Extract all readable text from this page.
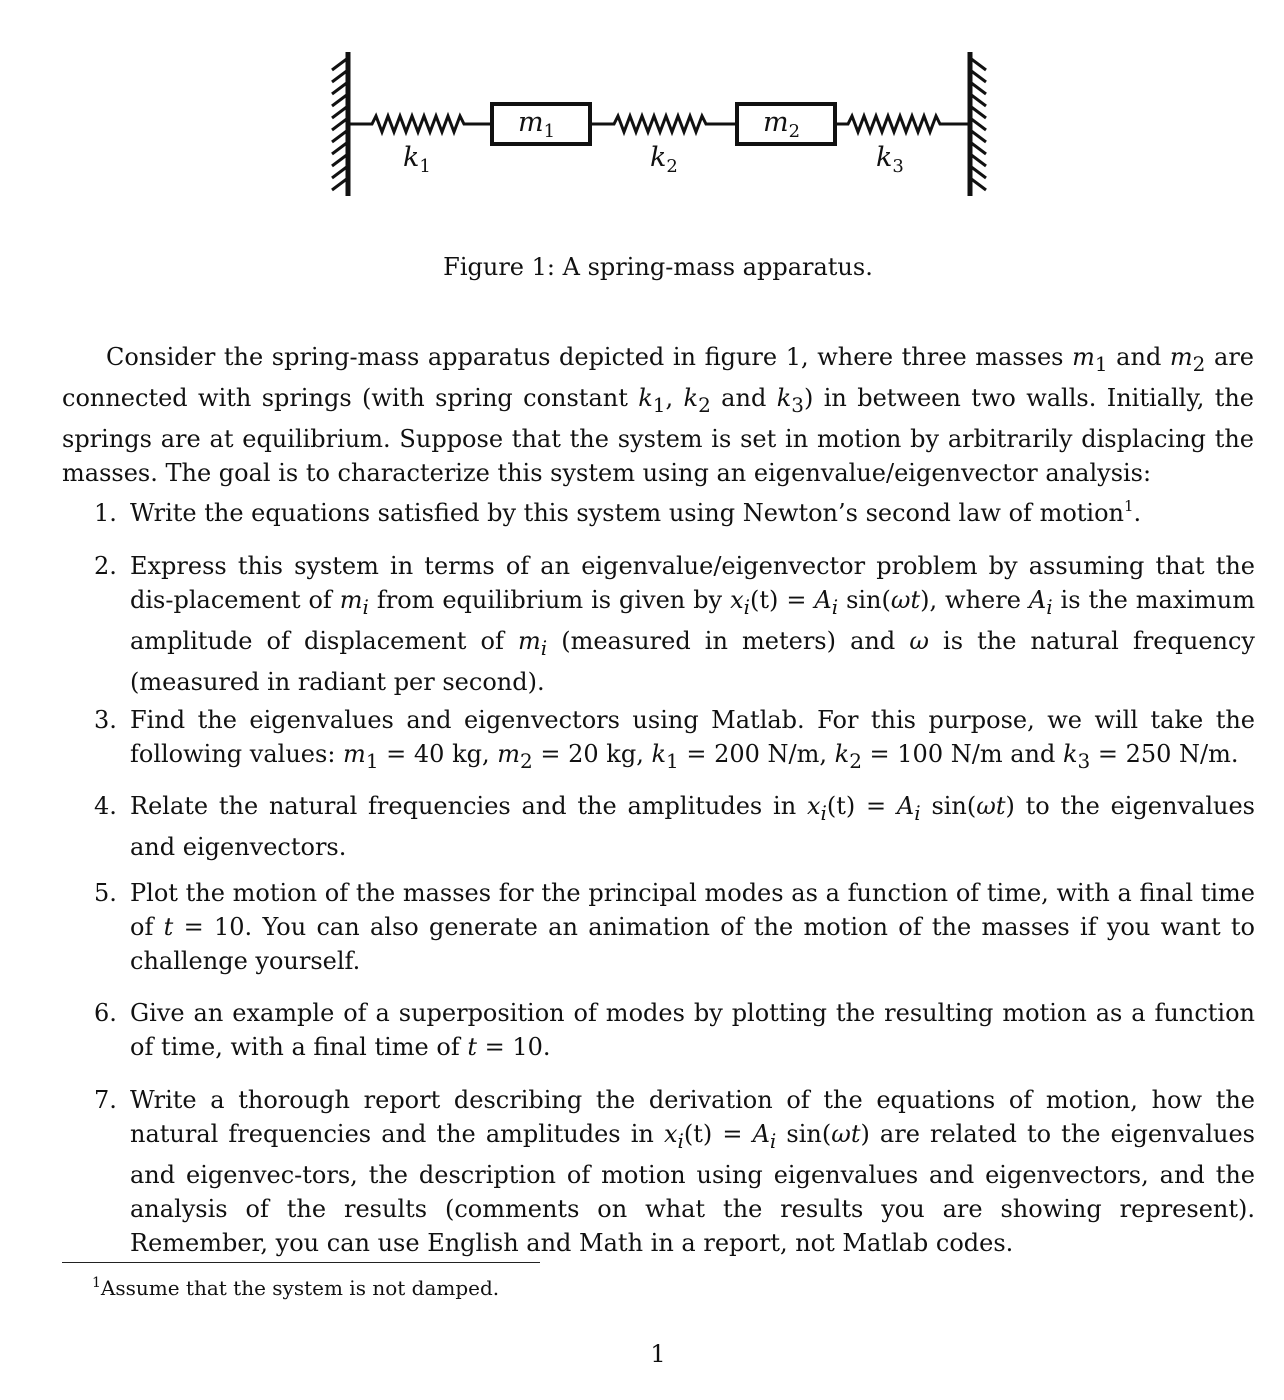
$m_1$	$m_2$
$k_1$	$k_2$	$k_3$
Figure 1: A spring-mass apparatus.
Consider the spring-mass apparatus depicted in figure 1, where three masses $m_1$ and $m_2$ are connected with springs (with spring constant $k_1$, $k_2$ and $k_3$) in between two walls. Initially, the springs are at equilibrium. Suppose that the system is set in motion by arbitrarily displacing the masses. The goal is to characterize this system using an eigenvalue/eigenvector analysis:
1. Write the equations satisfied by this system using Newton’s second law of motion$^1$.
2. Express this system in terms of an eigenvalue/eigenvector problem by assuming that the dis-placement of $m_i$ from equilibrium is given by $x_i(t) = A_i$ sin(ωt), where $A_i$ is the maximum amplitude of displacement of $m_i$ (measured in meters) and ω is the natural frequency (measured in radiant per second).
3. Find the eigenvalues and eigenvectors using Matlab. For this purpose, we will take the following values: $m_1 = 40$ kg, $m_2 = 20$ kg, $k_1 = 200$ N/m, $k_2 = 100$ N/m and $k_3 = 250$ N/m.
4. Relate the natural frequencies and the amplitudes in $x_i(t) = A_i$ sin(ωt) to the eigenvalues and eigenvectors.
5. Plot the motion of the masses for the principal modes as a function of time, with a final time of t = 10. You can also generate an animation of the motion of the masses if you want to challenge yourself.
6. Give an example of a superposition of modes by plotting the resulting motion as a function of time, with a final time of t = 10.
7. Write a thorough report describing the derivation of the equations of motion, how the natural frequencies and the amplitudes in $x_i(t) = A_i$ sin(ωt) are related to the eigenvalues and eigenvec-tors, the description of motion using eigenvalues and eigenvectors, and the analysis of the results (comments on what the results you are showing represent). Remember, you can use English and Math in a report, not Matlab codes.
$^1$Assume that the system is not damped.
1
